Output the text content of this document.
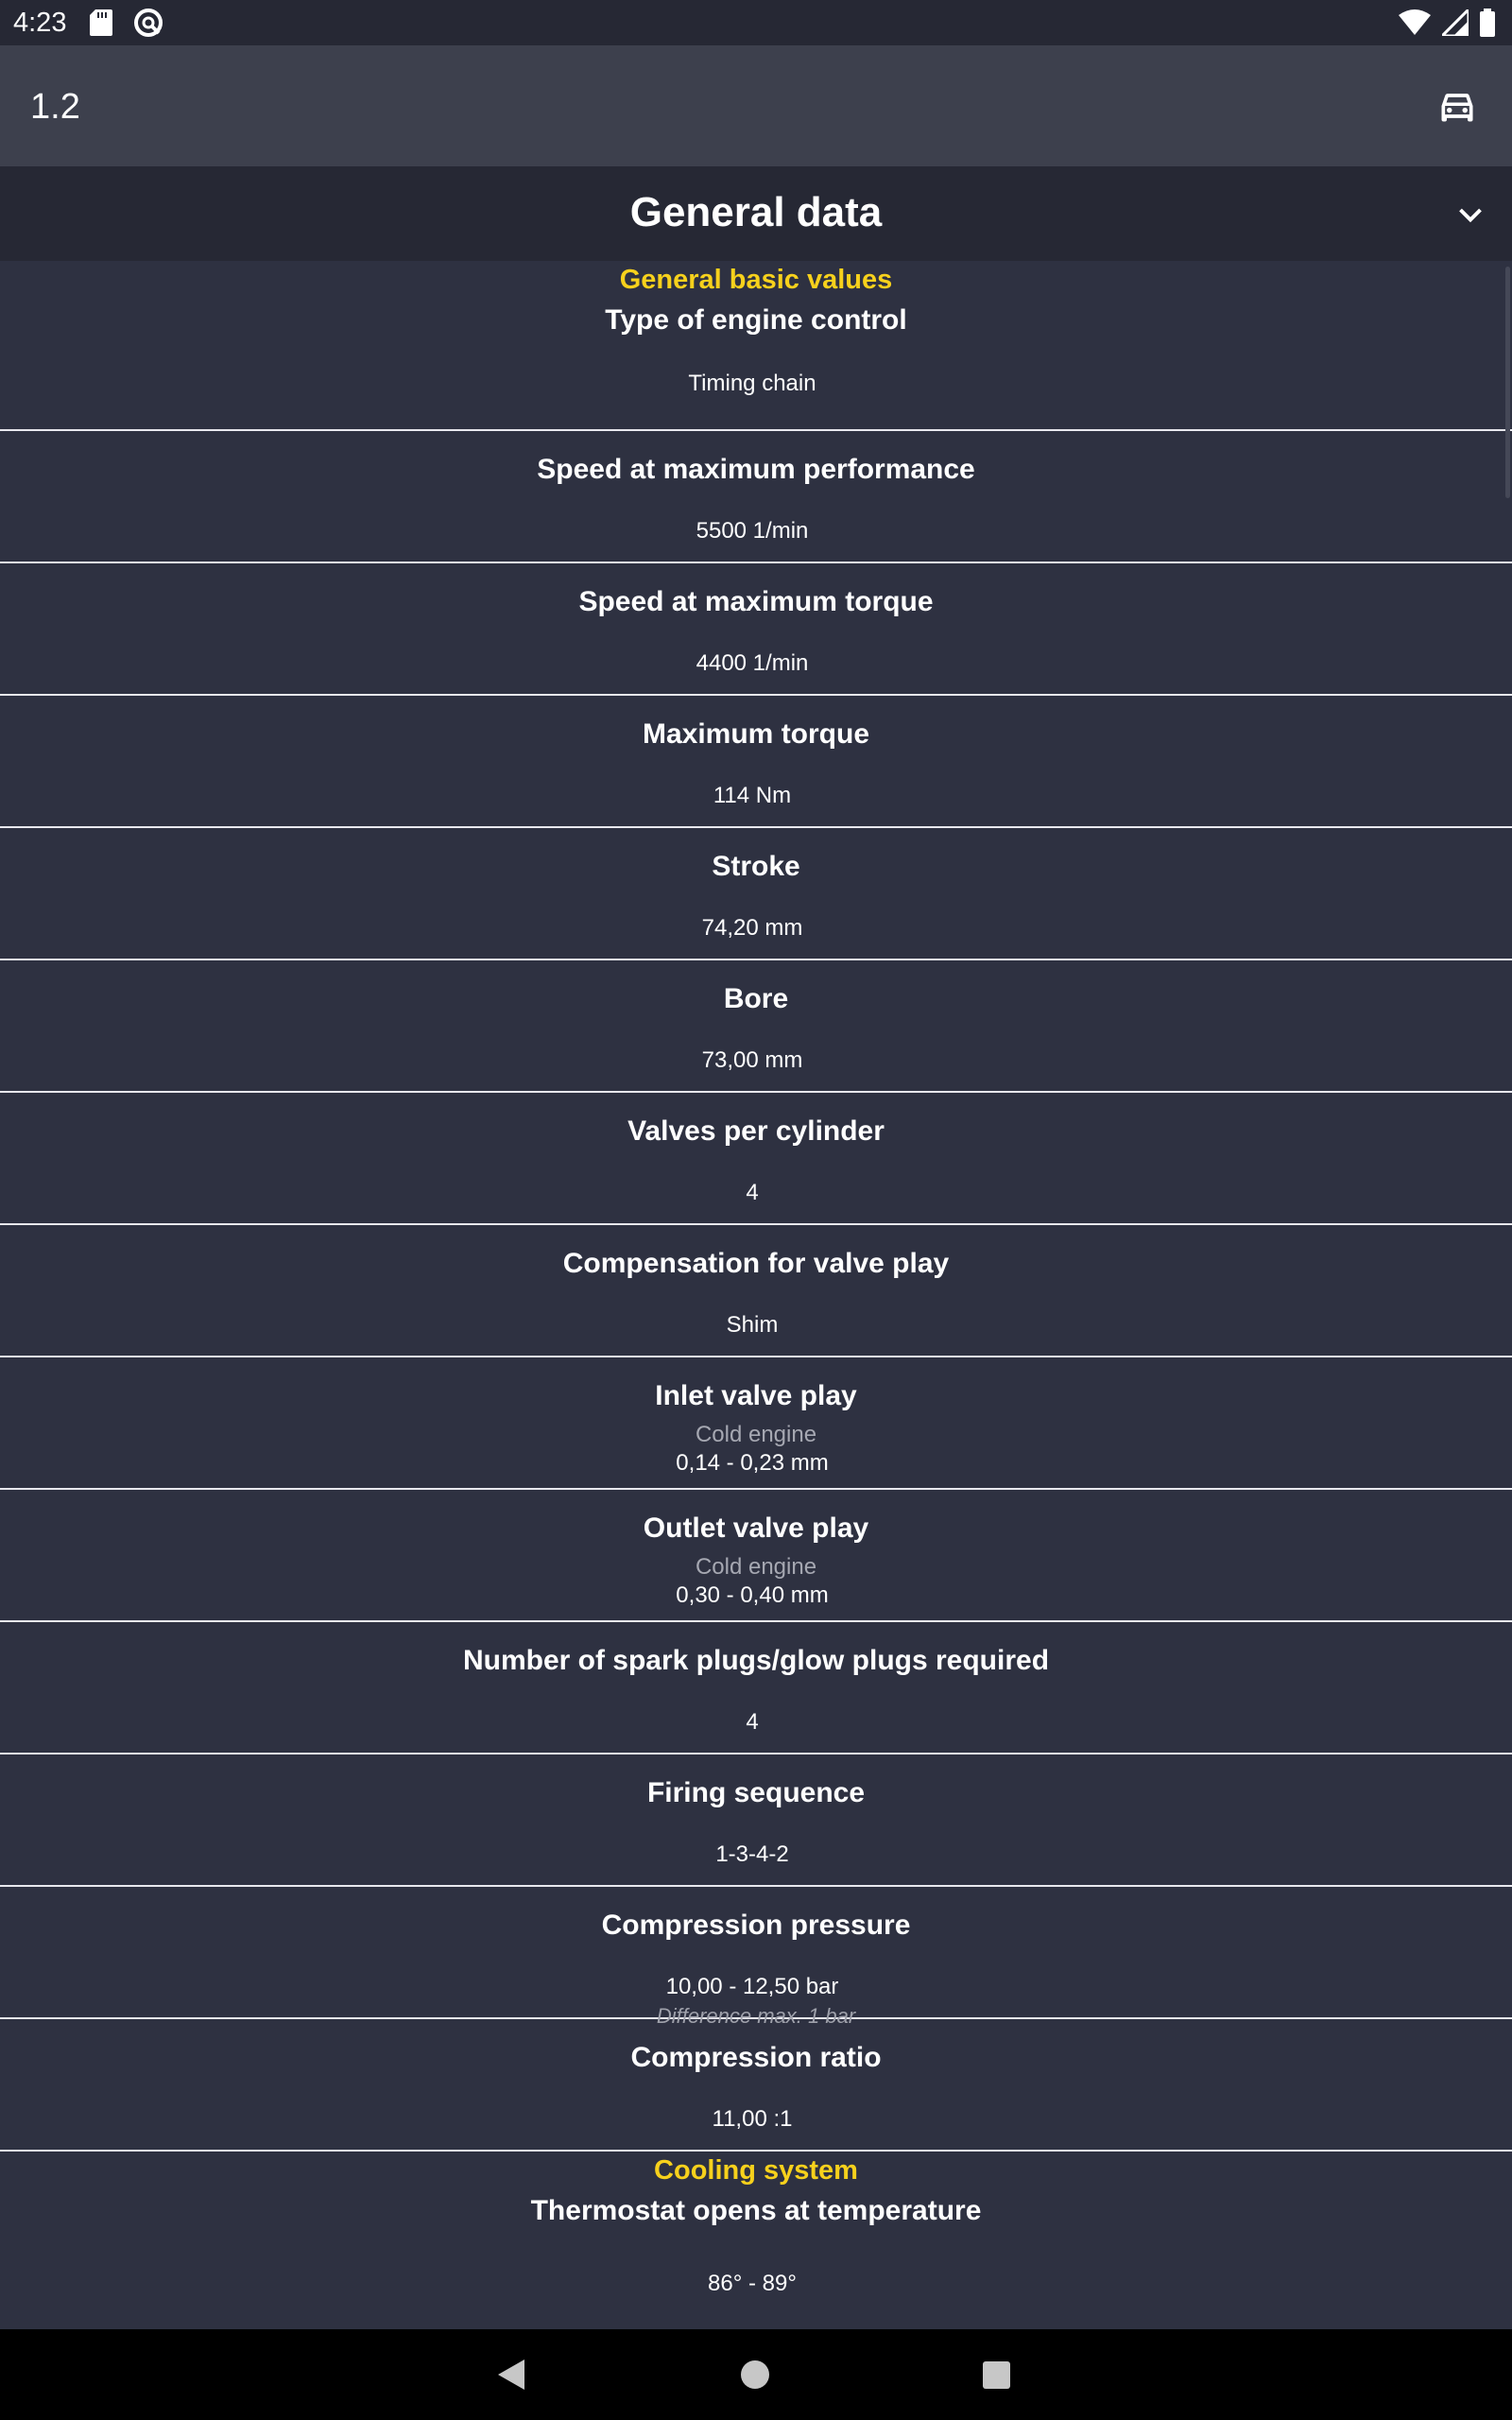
4:23
1.2
General data
General basic values
Type of engine control
Timing chain
Speed at maximum performance
5500 1/min
Speed at maximum torque
4400 1/min
Maximum torque
114 Nm
Stroke
74,20 mm
Bore
73,00 mm
Valves per cylinder
4
Compensation for valve play
Shim
Inlet valve play
Cold engine
0,14 - 0,23 mm
Outlet valve play
Cold engine
0,30 - 0,40 mm
Number of spark plugs/glow plugs required
4
Firing sequence
1-3-4-2
Compression pressure
10,00 - 12,50 bar
Difference max. 1 bar
Compression ratio
11,00 :1
Cooling system
Thermostat opens at temperature
86° - 89°
